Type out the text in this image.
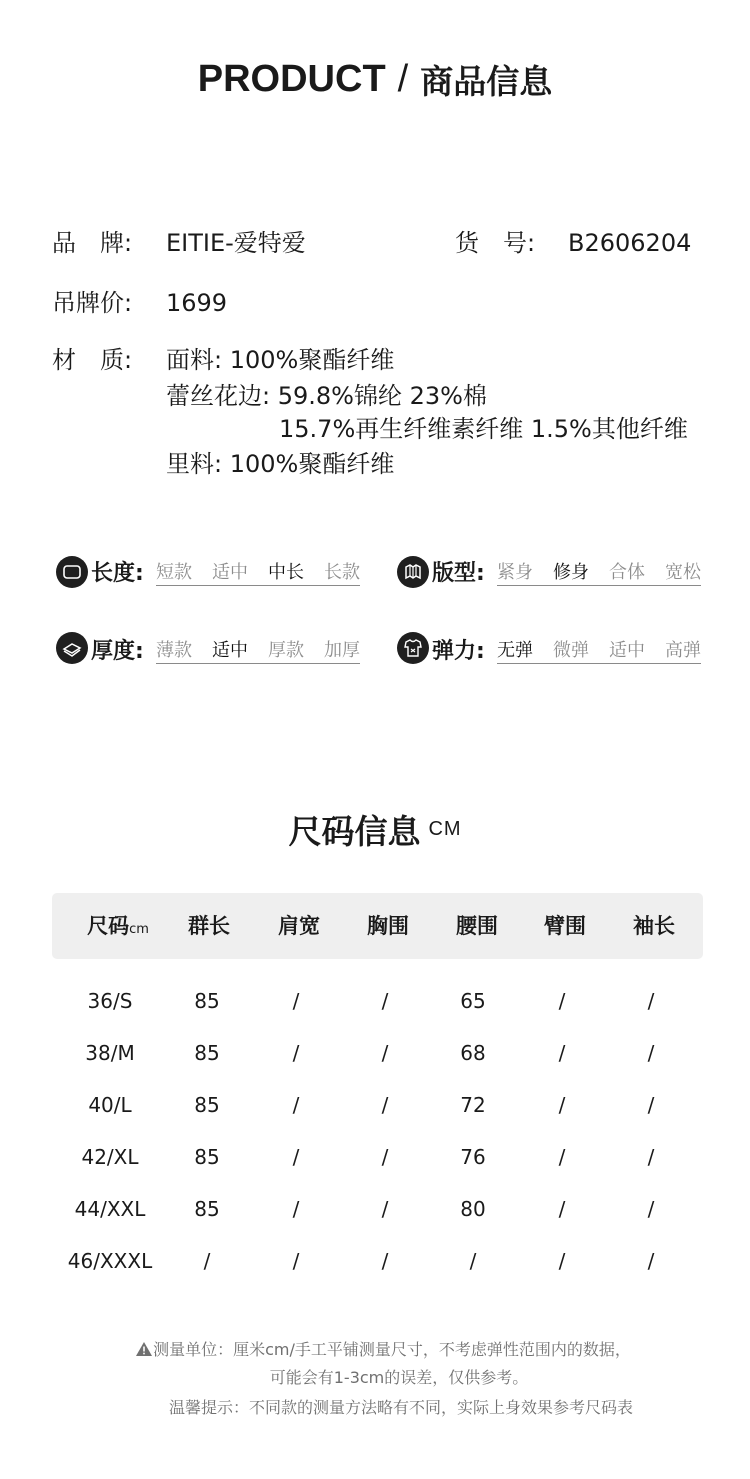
PRODUCT / 商品信息
品　牌:	EITIE-爱特爱	货　号: B2606204
吊牌价:	1699
材　质:	面料: 100%聚酯纤维
蕾丝花边: 59.8%锦纶 23%棉
15.7%再生纤维素纤维 1.5%其他纤维
里料: 100%聚酯纤维
长度: 短款 适中 中长 长款	版型: 紧身 修身 合体 宽松
厚度: 薄款 适中 厚款 加厚	弹力: 无弹 微弹 适中 高弹
尺码信息 CM
尺码cm	群长	肩宽	胸围	腰围	臂围	袖长
36/S	85	/	/	65	/	/
38/M	85	/	/	68	/	/
40/L	85	/	/	72	/	/
42/XL	85	/	/	76	/	/
44/XXL	85	/	/	80	/	/
46/XXXL	/	/	/	/	/	/
测量单位：厘米cm/手工平铺测量尺寸，不考虑弹性范围内的数据，
可能会有1-3cm的误差，仅供参考。
温馨提示：不同款的测量方法略有不同，实际上身效果参考尺码表
